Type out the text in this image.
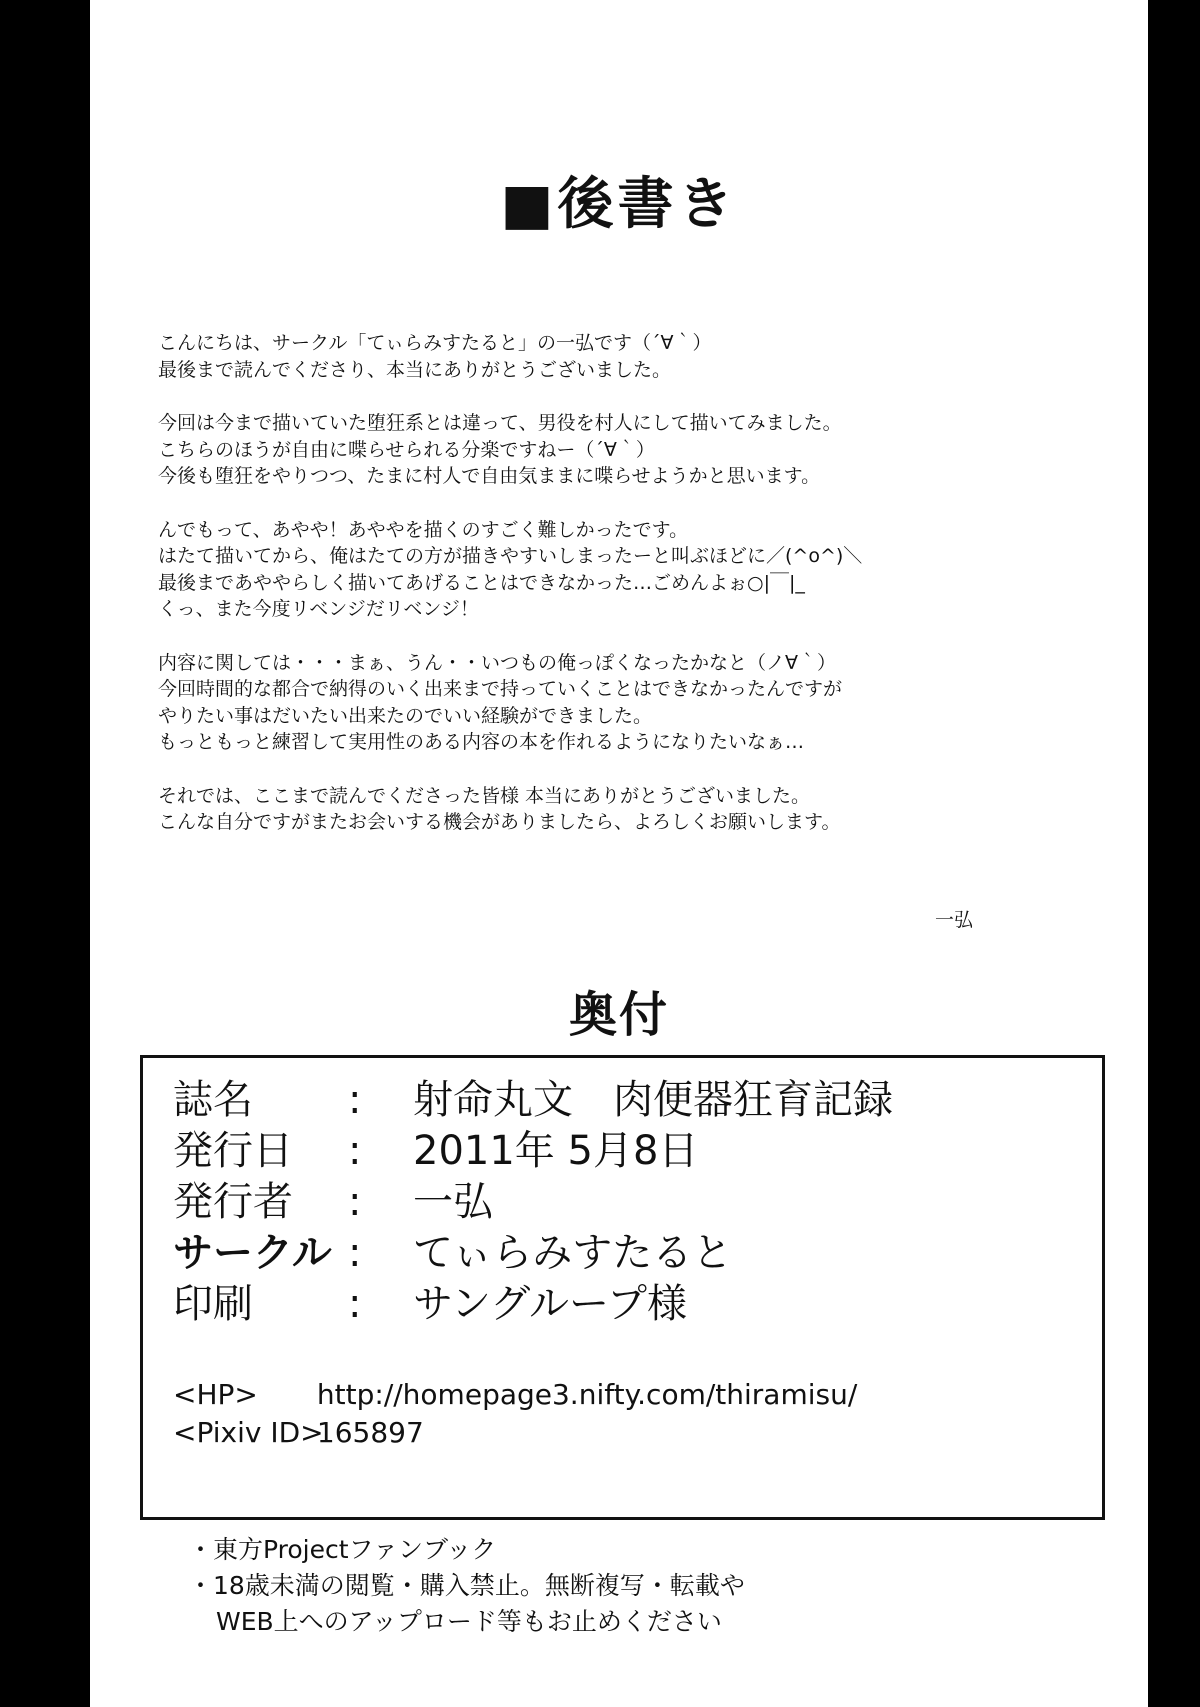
■後書き
こんにちは、サークル「てぃらみすたると」の一弘です（´∀｀）
最後まで読んでくださり、本当にありがとうございました。
今回は今まで描いていた堕狂系とは違って、男役を村人にして描いてみました。
こちらのほうが自由に喋らせられる分楽ですねー（´∀｀）
今後も堕狂をやりつつ、たまに村人で自由気ままに喋らせようかと思います。
んでもって、あやや！あややを描くのすごく難しかったです。
はたて描いてから、俺はたての方が描きやすいしまったーと叫ぶほどに／(^o^)＼
最後まであややらしく描いてあげることはできなかった…ごめんよぉ○|￣|_
くっ、また今度リベンジだリベンジ！
内容に関しては・・・まぁ、うん・・いつもの俺っぽくなったかなと（ノ∀｀）
今回時間的な都合で納得のいく出来まで持っていくことはできなかったんですが
やりたい事はだいたい出来たのでいい経験ができました。
もっともっと練習して実用性のある内容の本を作れるようになりたいなぁ…
それでは、ここまで読んでくださった皆様 本当にありがとうございました。
こんな自分ですがまたお会いする機会がありましたら、よろしくお願いします。
一弘
奥付
誌名	: 射命丸文　肉便器狂育記録
発行日	: 2011年 5月8日
発行者	: 一弘
サークル : てぃらみすたると
印刷	: サングループ様
<HP> http://homepage3.nifty.com/thiramisu/
<Pixiv ID> 165897
・東方Projectファンブック
・18歳未満の閲覧・購入禁止。無断複写・転載や
WEB上へのアップロード等もお止めください
